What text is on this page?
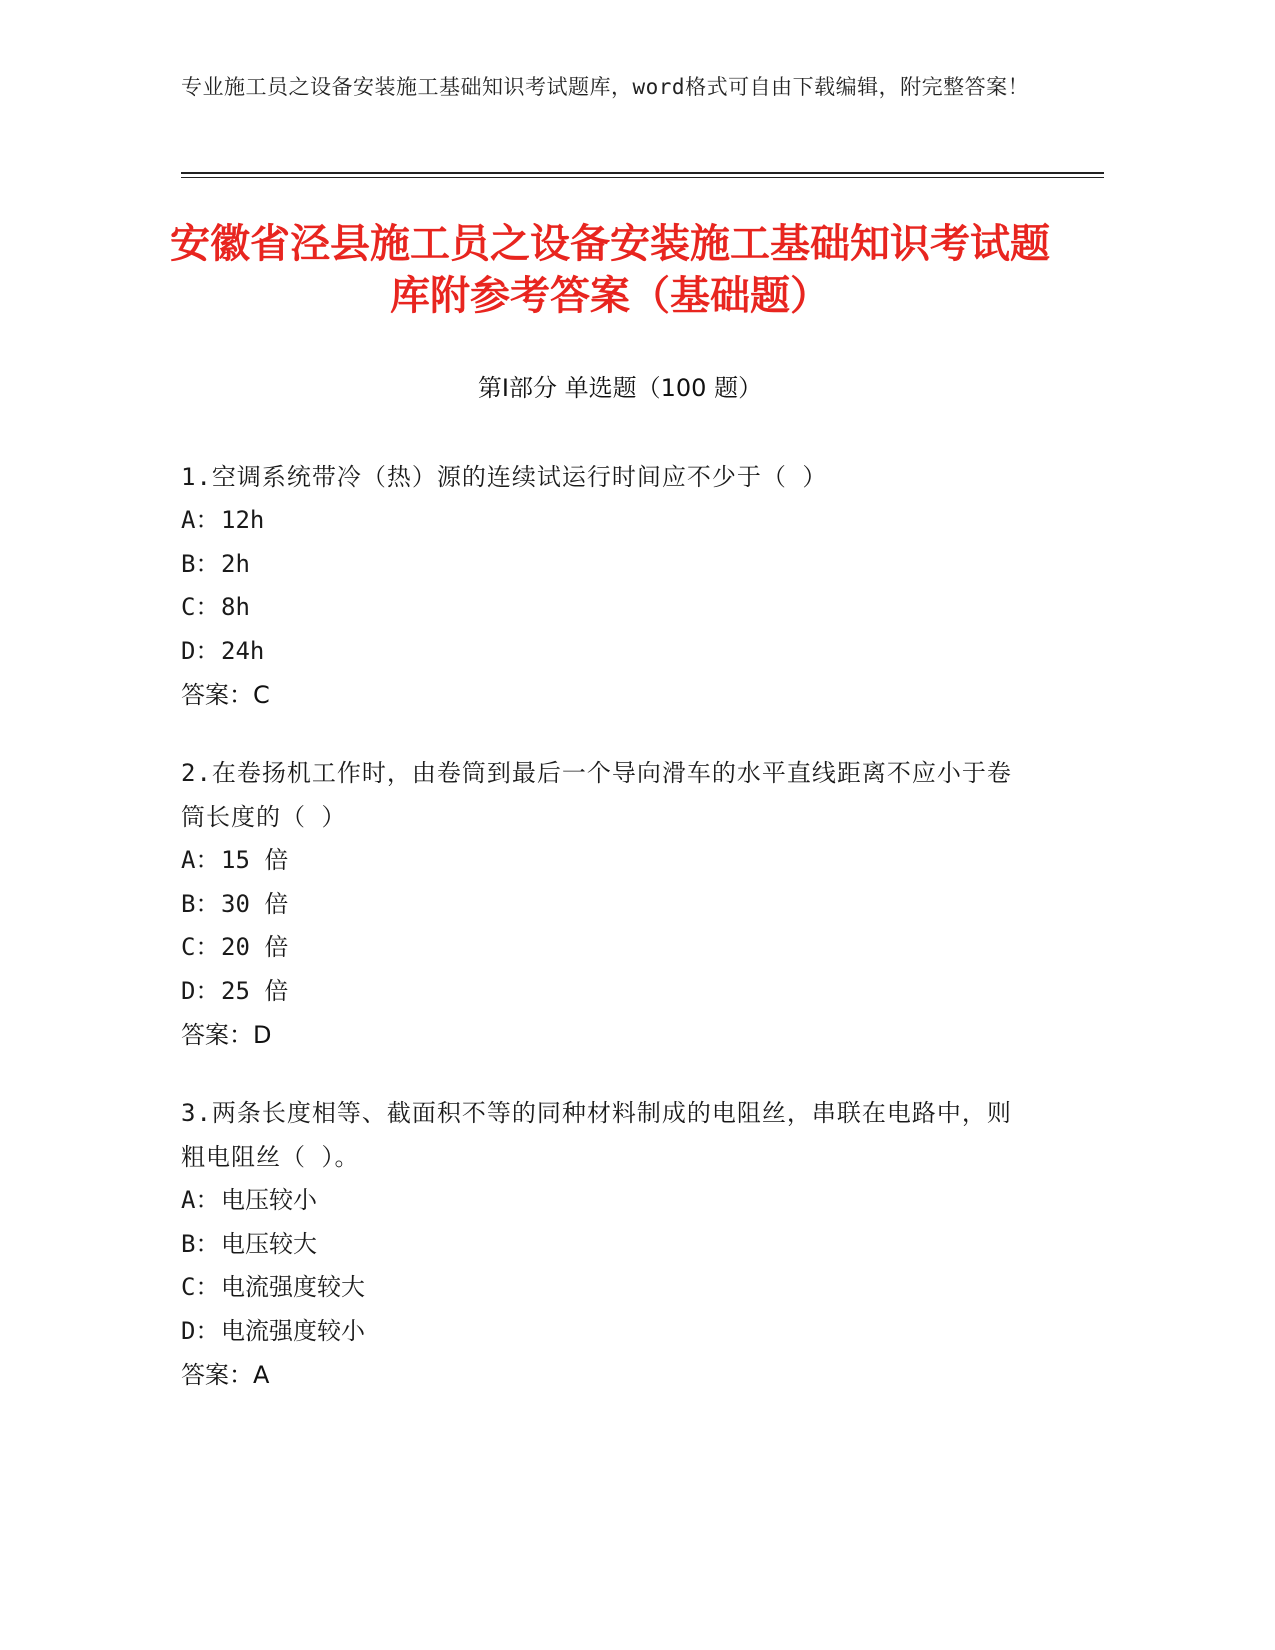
专业施工员之设备安装施工基础知识考试题库，word格式可自由下载编辑，附完整答案！
安徽省泾县施工员之设备安装施工基础知识考试题库附参考答案（基础题）
第Ⅰ部分 单选题（100 题）

1.空调系统带冷（热）源的连续试运行时间应不少于（ ）

A：12h
B：2h
C：8h
D：24h
答案：C

2.在卷扬机工作时，由卷筒到最后一个导向滑车的水平直线距离不应小于卷筒长度的（ ）

A：15 倍
B：30 倍
C：20 倍
D：25 倍
答案：D

3.两条长度相等、截面积不等的同种材料制成的电阻丝，串联在电路中，则粗电阻丝（ ）。

A：电压较小
B：电压较大
C：电流强度较大
D：电流强度较小
答案：A
